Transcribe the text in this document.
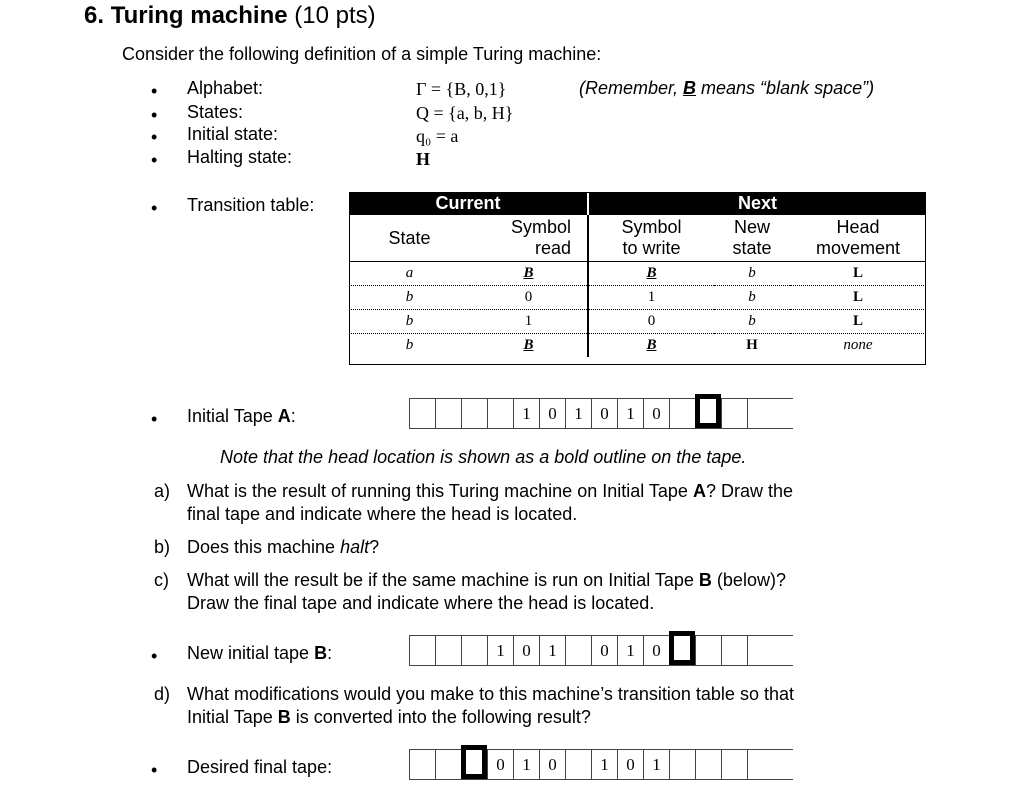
6. Turing machine (10 pts)
Consider the following definition of a simple Turing machine:
• Alphabet:	Γ = {B, 0,1}
• States:	Q = {a, b, H}
• Initial state:	q₀ = a
• Halting state:	H
(Remember, B means “blank space”)
• Transition table:	Current		Next		
State	Symbol read	Symbol to write	New state	Head movement
a	B	B	b	L
b	0	1	b	L
b	1	0	b	L
b	B	B	H	none
• Initial Tape A:	1	0	1	0	1	0
Note that the head location is shown as a bold outline on the tape.
a) What is the result of running this Turing machine on Initial Tape A? Draw the
final tape and indicate where the head is located.
b) Does this machine halt?
c) What will the result be if the same machine is run on Initial Tape B (below)?
Draw the final tape and indicate where the head is located.
• New initial tape B:	1	0	1	0	1	0
d) What modifications would you make to this machine’s transition table so that
Initial Tape B is converted into the following result?
• Desired final tape:	0	1	0	1	0	1
